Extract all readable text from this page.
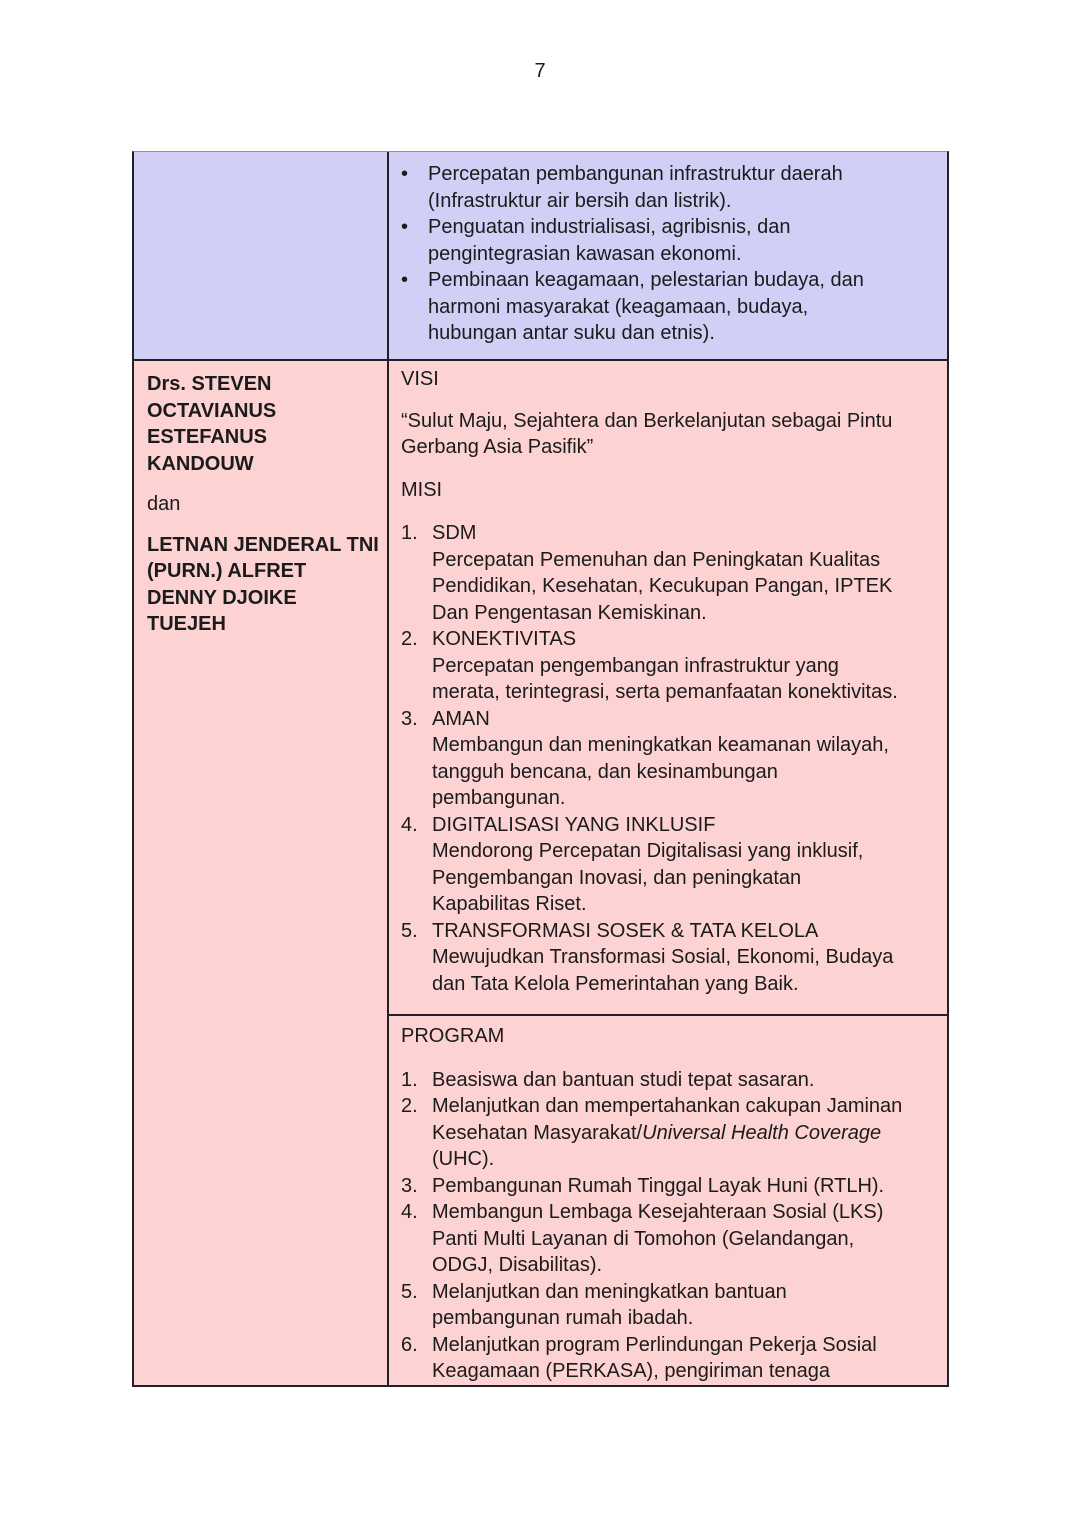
7
• Percepatan pembangunan infrastruktur daerah (Infrastruktur air bersih dan listrik).
• Penguatan industrialisasi, agribisnis, dan pengintegrasian kawasan ekonomi.
• Pembinaan keagamaan, pelestarian budaya, dan harmoni masyarakat (keagamaan, budaya, hubungan antar suku dan etnis).

Drs. STEVEN OCTAVIANUS ESTEFANUS KANDOUW

dan

LETNAN JENDERAL TNI (PURN.) ALFRET DENNY DJOIKE TUEJEH

VISI

“Sulut Maju, Sejahtera dan Berkelanjutan sebagai Pintu Gerbang Asia Pasifik”

MISI

1. SDM
Percepatan Pemenuhan dan Peningkatan Kualitas Pendidikan, Kesehatan, Kecukupan Pangan, IPTEK Dan Pengentasan Kemiskinan.
2. KONEKTIVITAS
Percepatan pengembangan infrastruktur yang merata, terintegrasi, serta pemanfaatan konektivitas.
3. AMAN
Membangun dan meningkatkan keamanan wilayah, tangguh bencana, dan kesinambungan pembangunan.
4. DIGITALISASI YANG INKLUSIF
Mendorong Percepatan Digitalisasi yang inklusif, Pengembangan Inovasi, dan peningkatan Kapabilitas Riset.
5. TRANSFORMASI SOSEK & TATA KELOLA
Mewujudkan Transformasi Sosial, Ekonomi, Budaya dan Tata Kelola Pemerintahan yang Baik.

PROGRAM

1. Beasiswa dan bantuan studi tepat sasaran.
2. Melanjutkan dan mempertahankan cakupan Jaminan Kesehatan Masyarakat/Universal Health Coverage (UHC).
3. Pembangunan Rumah Tinggal Layak Huni (RTLH).
4. Membangun Lembaga Kesejahteraan Sosial (LKS) Panti Multi Layanan di Tomohon (Gelandangan, ODGJ, Disabilitas).
5. Melanjutkan dan meningkatkan bantuan pembangunan rumah ibadah.
6. Melanjutkan program Perlindungan Pekerja Sosial Keagamaan (PERKASA), pengiriman tenaga
